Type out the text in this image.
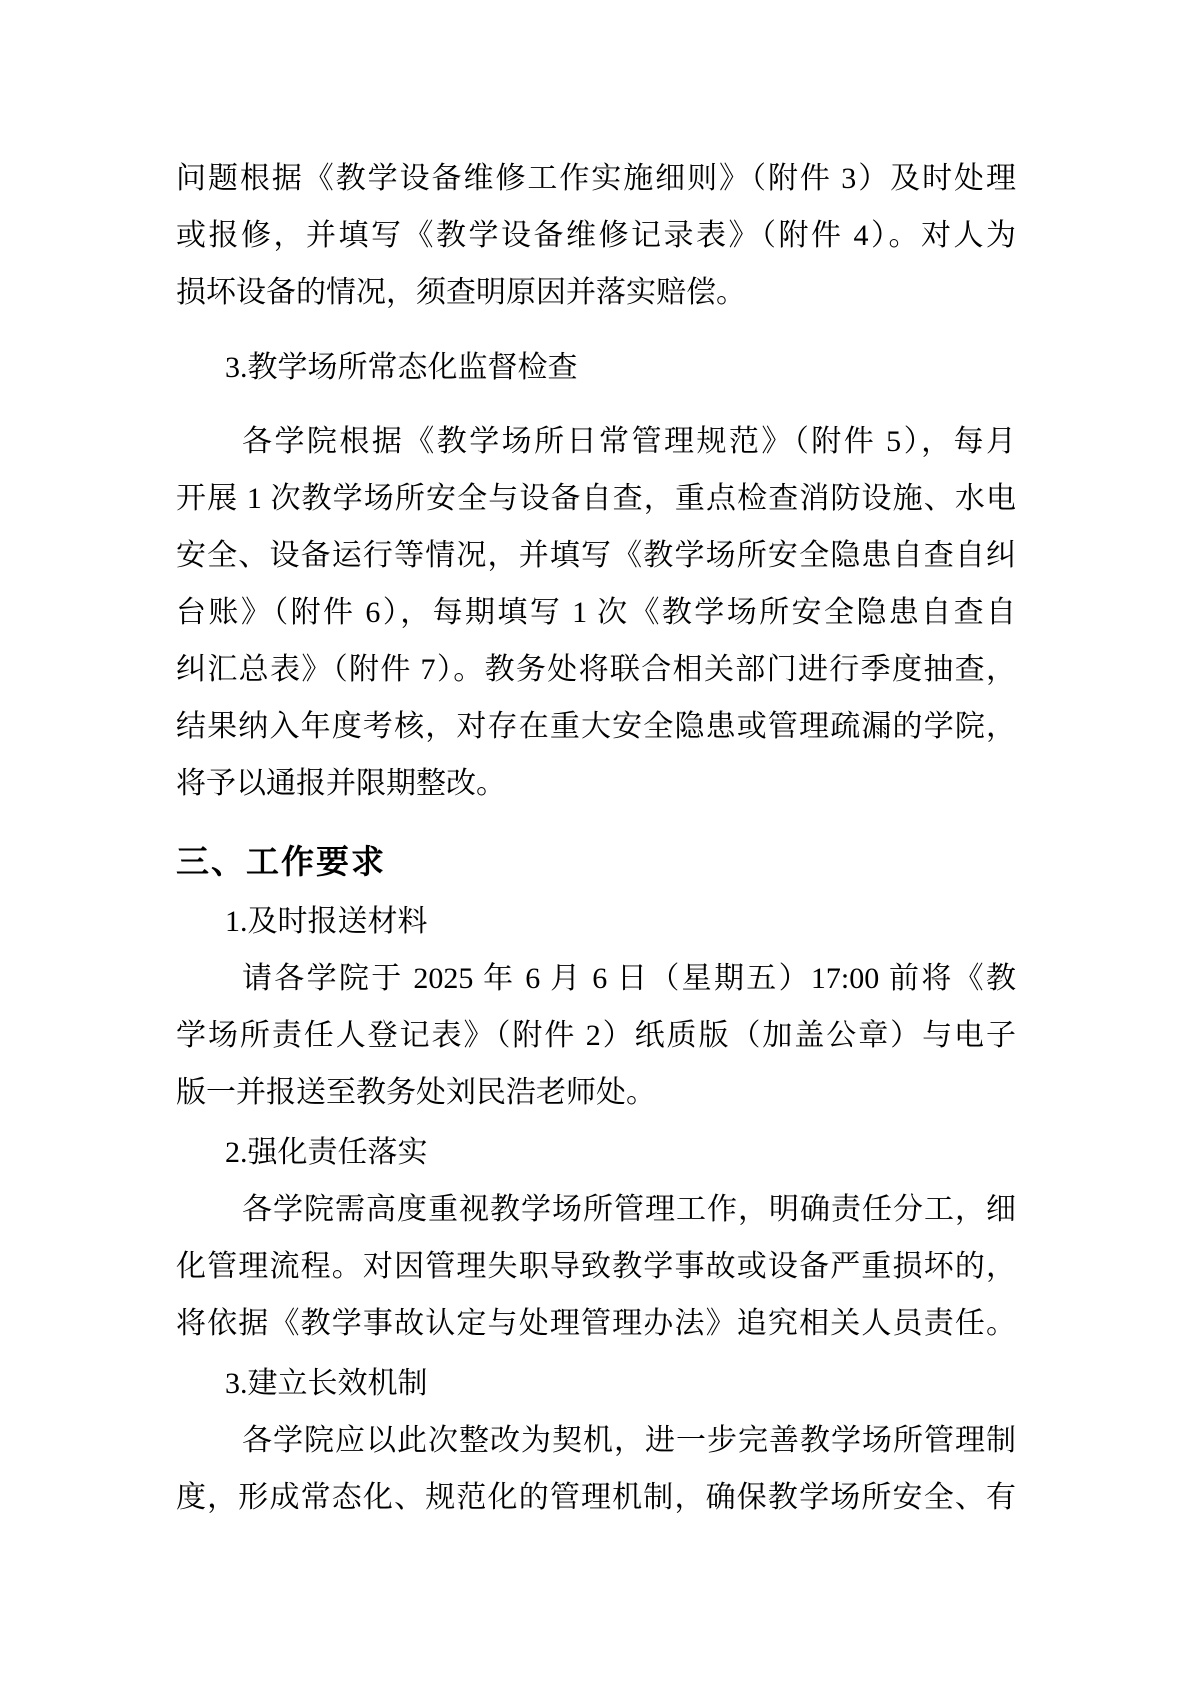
问题根据《教学设备维修工作实施细则》（附件 3）及时处理
或报修，并填写《教学设备维修记录表》（附件 4）。对人为
损坏设备的情况，须查明原因并落实赔偿。
3.教学场所常态化监督检查
各学院根据《教学场所日常管理规范》（附件 5），每月
开展 1 次教学场所安全与设备自查，重点检查消防设施、水电
安全、设备运行等情况，并填写《教学场所安全隐患自查自纠
台账》（附件 6），每期填写 1 次《教学场所安全隐患自查自
纠汇总表》（附件 7）。教务处将联合相关部门进行季度抽查，
结果纳入年度考核，对存在重大安全隐患或管理疏漏的学院，
将予以通报并限期整改。
三、工作要求
1.及时报送材料
请各学院于 2025 年 6 月 6 日（星期五）17:00 前将《教
学场所责任人登记表》（附件 2）纸质版（加盖公章）与电子
版一并报送至教务处刘民浩老师处。
2.强化责任落实
各学院需高度重视教学场所管理工作，明确责任分工，细
化管理流程。对因管理失职导致教学事故或设备严重损坏的，
将依据《教学事故认定与处理管理办法》追究相关人员责任。
3.建立长效机制
各学院应以此次整改为契机，进一步完善教学场所管理制
度，形成常态化、规范化的管理机制，确保教学场所安全、有
